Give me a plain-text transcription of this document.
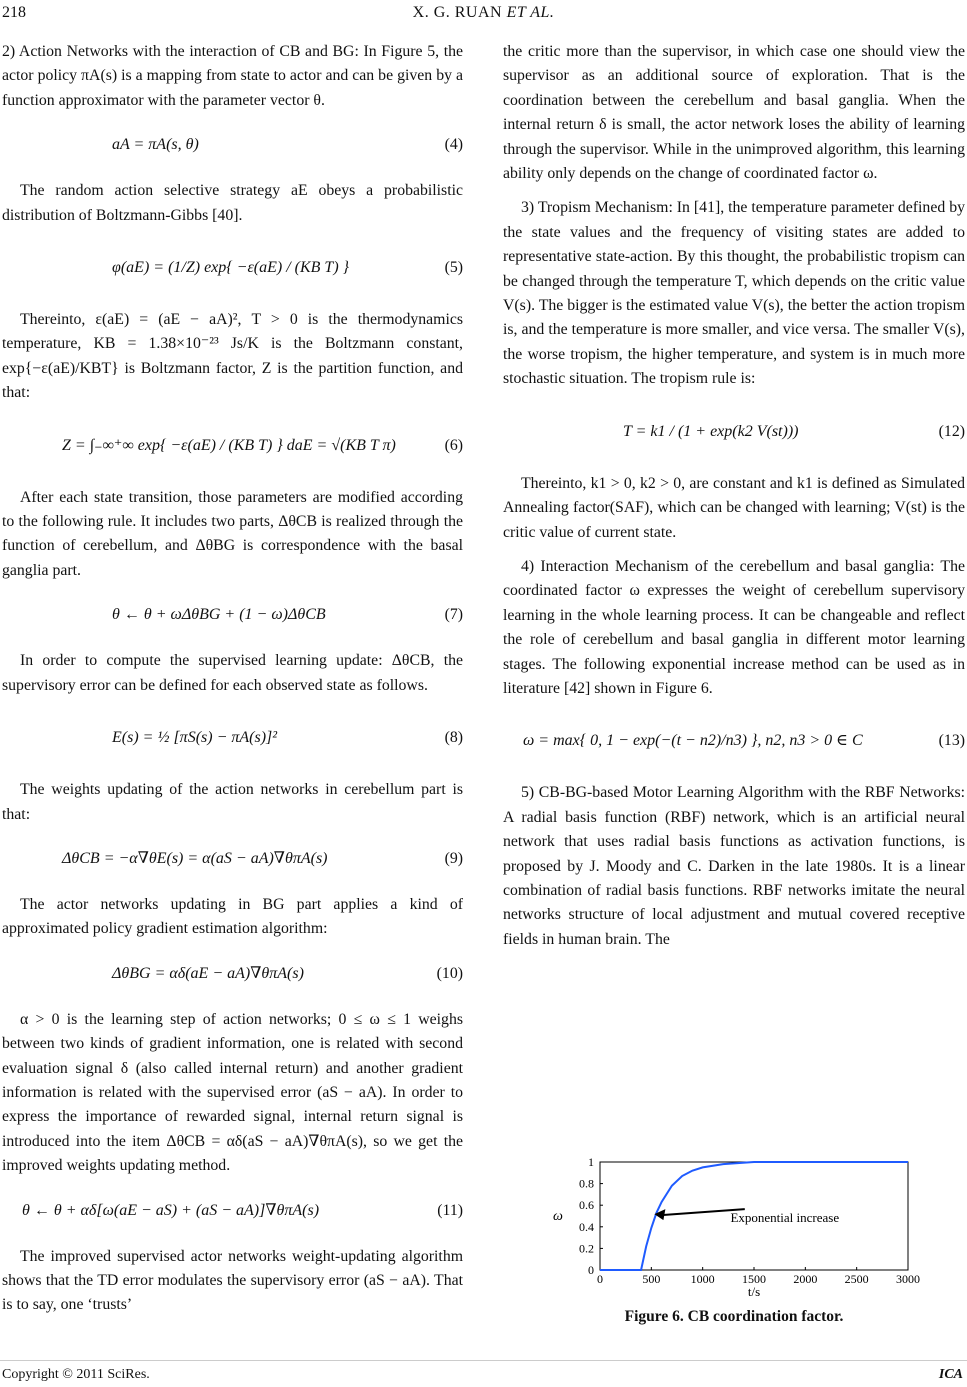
218	X. G. RUAN ET AL.

2) Action Networks with the interaction of CB and BG: In Figure 5, the actor policy πA(s) is a mapping from state to actor and can be given by a function approximator with the parameter vector θ.

aA = πA(s, θ)	(4)

The random action selective strategy aE obeys a probabilistic distribution of Boltzmann-Gibbs [40].

φ(aE) = (1/Z) exp{ −ε(aE) / (KB T) }	(5)

Thereinto, ε(aE) = (aE − aA)², T > 0 is the thermodynamics temperature, KB = 1.38×10⁻²³ Js/K is the Boltzmann constant, exp{−ε(aE)/KBT} is Boltzmann factor, Z is the partition function, and that:

Z = ∫₋∞⁺∞ exp{ −ε(aE) / (KB T) } daE = √(KB T π)	(6)

After each state transition, those parameters are modified according to the following rule. It includes two parts, ΔθCB is realized through the function of cerebellum, and ΔθBG is correspondence with the basal ganglia part.

θ ← θ + ωΔθBG + (1 − ω)ΔθCB	(7)

In order to compute the supervised learning update: ΔθCB, the supervisory error can be defined for each observed state as follows.

E(s) = ½ [πS(s) − πA(s)]²	(8)

The weights updating of the action networks in cerebellum part is that:

ΔθCB = −α∇θE(s) = α(aS − aA)∇θπA(s)	(9)

The actor networks updating in BG part applies a kind of approximated policy gradient estimation algorithm:

ΔθBG = αδ(aE − aA)∇θπA(s)	(10)

α > 0 is the learning step of action networks; 0 ≤ ω ≤ 1 weighs between two kinds of gradient information, one is related with second evaluation signal δ (also called internal return) and another gradient information is related with the supervised error (aS − aA). In order to express the importance of rewarded signal, internal return signal is introduced into the item ΔθCB = αδ(aS − aA)∇θπA(s), so we get the improved weights updating method.

θ ← θ + αδ[ω(aE − aS) + (aS − aA)]∇θπA(s)	(11)

The improved supervised actor networks weight-updating algorithm shows that the TD error modulates the supervisory error (aS − aA). That is to say, one ‘trusts’

the critic more than the supervisor, in which case one should view the supervisor as an additional source of exploration. That is the coordination between the cerebellum and basal ganglia. When the internal return δ is small, the actor network loses the ability of learning through the supervisor. While in the unimproved algorithm, this learning ability only depends on the change of coordinated factor ω.

3) Tropism Mechanism: In [41], the temperature parameter defined by the state values and the frequency of visiting states are added to representative state-action. By this thought, the probabilistic tropism can be changed through the temperature T, which depends on the critic value V(s). The bigger is the estimated value V(s), the better the action tropism is, and the temperature is more smaller, and vice versa. The smaller V(s), the worse tropism, the higher temperature, and system is in much more stochastic situation. The tropism rule is:

T = k1 / (1 + exp(k2 V(st)))	(12)

Thereinto, k1 > 0, k2 > 0, are constant and k1 is defined as Simulated Annealing factor(SAF), which can be changed with learning; V(st) is the critic value of current state.

4) Interaction Mechanism of the cerebellum and basal ganglia: The coordinated factor ω expresses the weight of cerebellum supervisory learning in the whole learning process. It can be changeable and reflect the role of cerebellum and basal ganglia in different motor learning stages. The following exponential increase method can be used as in literature [42] shown in Figure 6.

ω = max{ 0, 1 − exp(−(t − n2)/n3) }, n2, n3 > 0 ∈ C	(13)

5) CB-BG-based Motor Learning Algorithm with the RBF Networks: A radial basis function (RBF) network, which is an artificial neural network that uses radial basis functions as activation functions, is proposed by J. Moody and C. Darken in the late 1980s. It is a linear combination of radial basis functions. RBF networks imitate the neural networks structure of local adjustment and mutual covered receptive fields in human brain. The

0	500	1000 1500 2000 2500 3000
0
0.2
0.4
0.6
0.8
1
t/s
ω	Exponential increase
Figure 6. CB coordination factor.
Copyright © 2011 SciRes.	ICA
